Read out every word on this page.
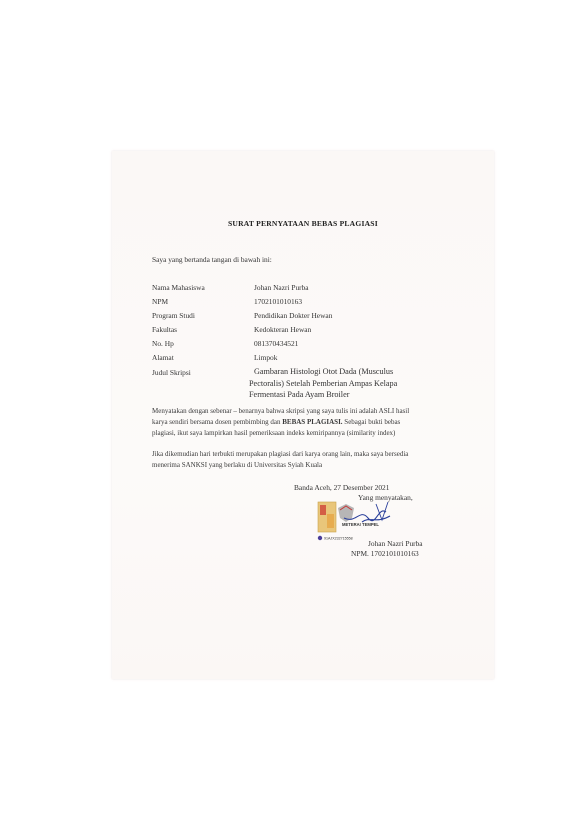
SURAT PERNYATAAN BEBAS PLAGIASI
Saya yang bertanda tangan di bawah ini:
Nama Mahasiswa	Johan Nazri Purba
NPM	1702101010163
Program Studi	Pendidikan Dokter Hewan
Fakultas	Kedokteran Hewan
No. Hp	081370434521
Alamat	Limpok
Judul Skripsi	Gambaran Histologi Otot Dada (Musculus
Pectoralis) Setelah Pemberian Ampas Kelapa
Fermentasi Pada Ayam Broiler
Menyatakan dengan sebenar – benarnya bahwa skripsi yang saya tulis ini adalah ASLI hasil
karya sendiri bersama dosen pembimbing dan BEBAS PLAGIASI. Sebagai bukti bebas
plagiasi, ikut saya lampirkan hasil pemeriksaan indeks kemiripannya (similarity index)
Jika dikemudian hari terbukti merupakan plagiasi dari karya orang lain, maka saya bersedia
menerima SANKSI yang berlaku di Universitas Syiah Kuala
Banda Aceh, 27 Desember 2021
Yang menyatakan,
METERAI TEMPEL
91AJX232715558
Johan Nazri Purba
NPM. 1702101010163
